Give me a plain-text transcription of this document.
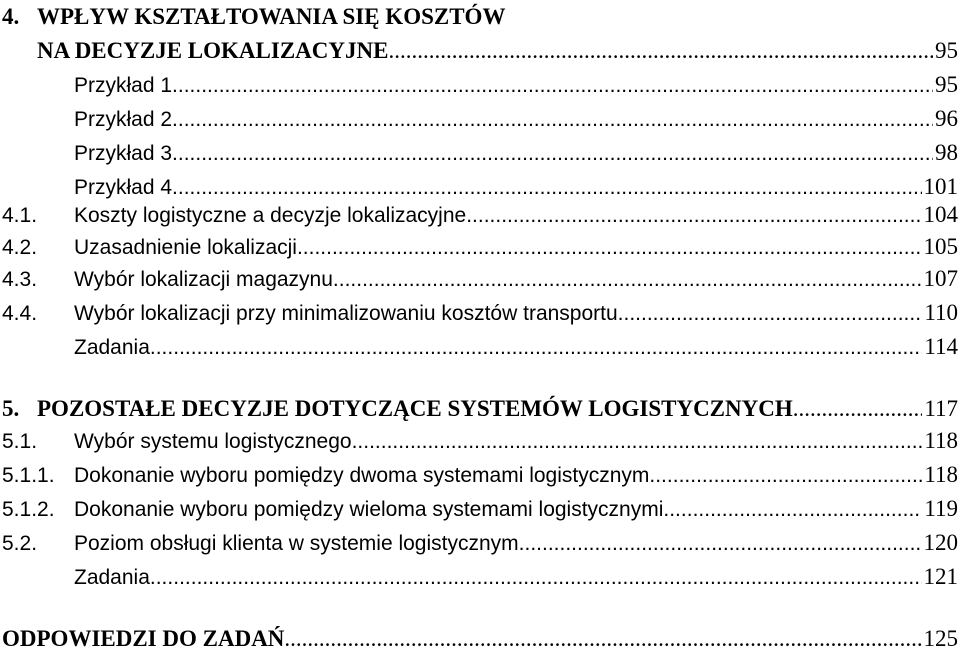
4. WPŁYW KSZTAŁTOWANIA SIĘ KOSZTÓW
NA DECYZJE LOKALIZACYJNE .....	95
Przykład 1 .....	95
Przykład 2 .....	96
Przykład 3 .....	98
Przykład 4 .....	101
4.1.	Koszty logistyczne a decyzje lokalizacyjne .....	104
4.2.	Uzasadnienie lokalizacji .....	105
4.3.	Wybór lokalizacji magazynu .....	107
4.4.	Wybór lokalizacji przy minimalizowaniu kosztów transportu .....	110
Zadania .....	114
5. POZOSTAŁE DECYZJE DOTYCZĄCE SYSTEMÓW LOGISTYCZNYCH .....	117
5.1.	Wybór systemu logistycznego .....	118
5.1.1. Dokonanie wyboru pomiędzy dwoma systemami logistycznym .....	118
5.1.2. Dokonanie wyboru pomiędzy wieloma systemami logistycznymi .....	119
5.2.	Poziom obsługi klienta w systemie logistycznym .....	120
Zadania .....	121
ODPOWIEDZI DO ZADAŃ .....	125
